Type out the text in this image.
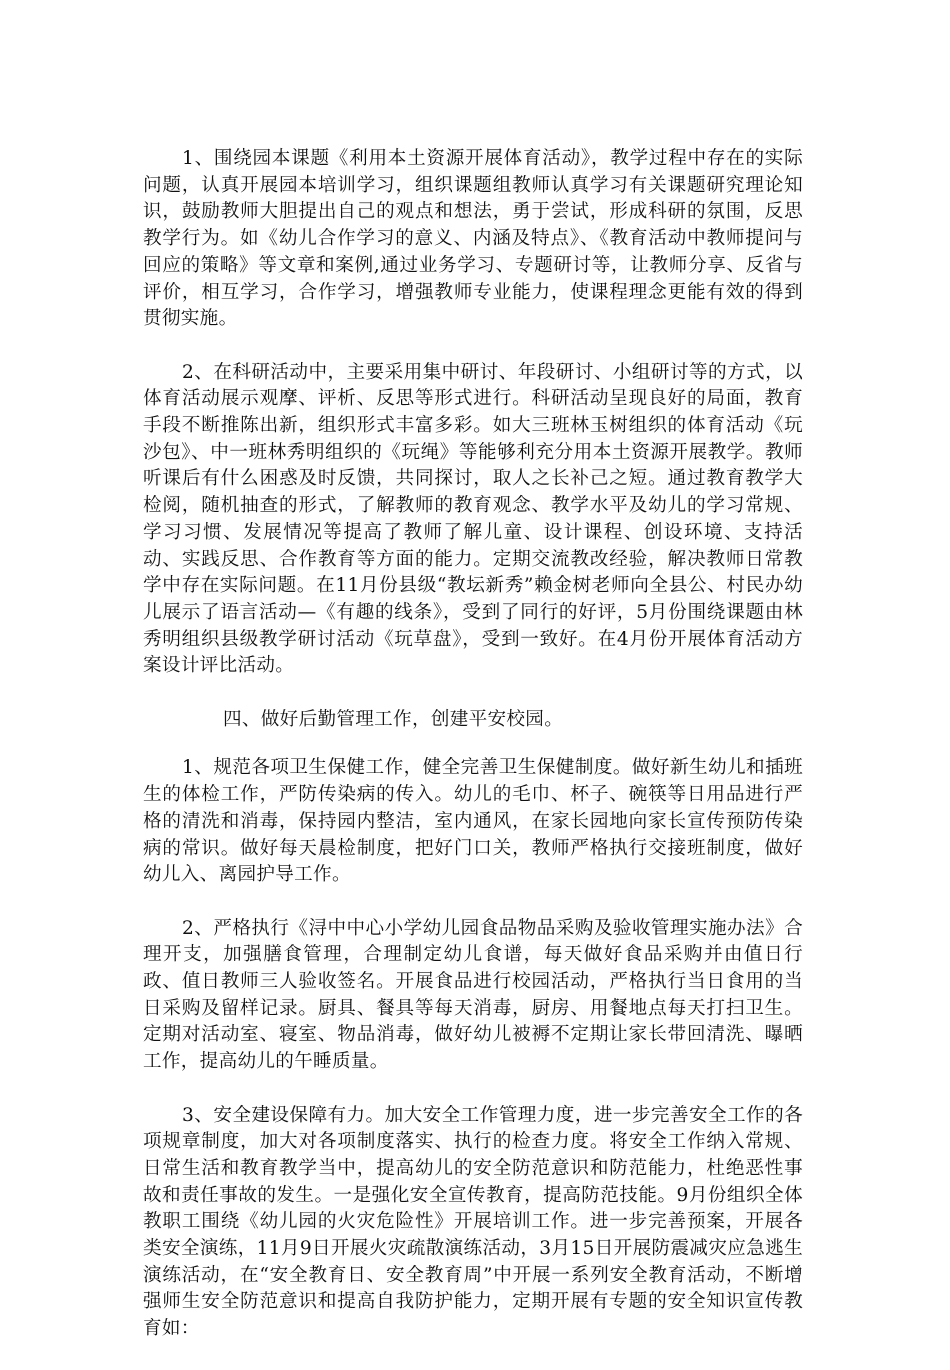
1、围绕园本课题《利用本土资源开展体育活动》，教学过程中存在的实际问题，认真开展园本培训学习，组织课题组教师认真学习有关课题研究理论知识，鼓励教师大胆提出自己的观点和想法，勇于尝试，形成科研的氛围，反思教学行为。如《幼儿合作学习的意义、内涵及特点》、《教育活动中教师提问与回应的策略》等文章和案例,通过业务学习、专题研讨等，让教师分享、反省与评价，相互学习，合作学习，增强教师专业能力，使课程理念更能有效的得到贯彻实施。

2、在科研活动中，主要采用集中研讨、年段研讨、小组研讨等的方式，以体育活动展示观摩、评析、反思等形式进行。科研活动呈现良好的局面，教育手段不断推陈出新，组织形式丰富多彩。如大三班林玉树组织的体育活动《玩沙包》、中一班林秀明组织的《玩绳》等能够利充分用本土资源开展教学。教师听课后有什么困惑及时反馈，共同探讨，取人之长补己之短。通过教育教学大检阅，随机抽查的形式，了解教师的教育观念、教学水平及幼儿的学习常规、学习习惯、发展情况等提高了教师了解儿童、设计课程、创设环境、支持活动、实践反思、合作教育等方面的能力。定期交流教改经验，解决教师日常教学中存在实际问题。在11月份县级“教坛新秀”赖金树老师向全县公、村民办幼儿展示了语言活动—《有趣的线条》，受到了同行的好评，5月份围绕课题由林秀明组织县级教学研讨活动《玩草盘》，受到一致好。在4月份开展体育活动方案设计评比活动。

四、做好后勤管理工作，创建平安校园。

1、规范各项卫生保健工作，健全完善卫生保健制度。做好新生幼儿和插班生的体检工作，严防传染病的传入。幼儿的毛巾、杯子、碗筷等日用品进行严格的清洗和消毒，保持园内整洁，室内通风，在家长园地向家长宣传预防传染病的常识。做好每天晨检制度，把好门口关，教师严格执行交接班制度，做好幼儿入、离园护导工作。

2、严格执行《浔中中心小学幼儿园食品物品采购及验收管理实施办法》合理开支，加强膳食管理，合理制定幼儿食谱，每天做好食品采购并由值日行政、值日教师三人验收签名。开展食品进行校园活动，严格执行当日食用的当日采购及留样记录。厨具、餐具等每天消毒，厨房、用餐地点每天打扫卫生。定期对活动室、寝室、物品消毒，做好幼儿被褥不定期让家长带回清洗、曝晒工作，提高幼儿的午睡质量。

3、安全建设保障有力。加大安全工作管理力度，进一步完善安全工作的各项规章制度，加大对各项制度落实、执行的检查力度。将安全工作纳入常规、日常生活和教育教学当中，提高幼儿的安全防范意识和防范能力，杜绝恶性事故和责任事故的发生。一是强化安全宣传教育，提高防范技能。9月份组织全体教职工围绕《幼儿园的火灾危险性》开展培训工作。进一步完善预案，开展各类安全演练，11月9日开展火灾疏散演练活动，3月15日开展防震减灾应急逃生演练活动，在“安全教育日、安全教育周”中开展一系列安全教育活动，不断增强师生安全防范意识和提高自我防护能力，定期开展有专题的安全知识宣传教育如：
